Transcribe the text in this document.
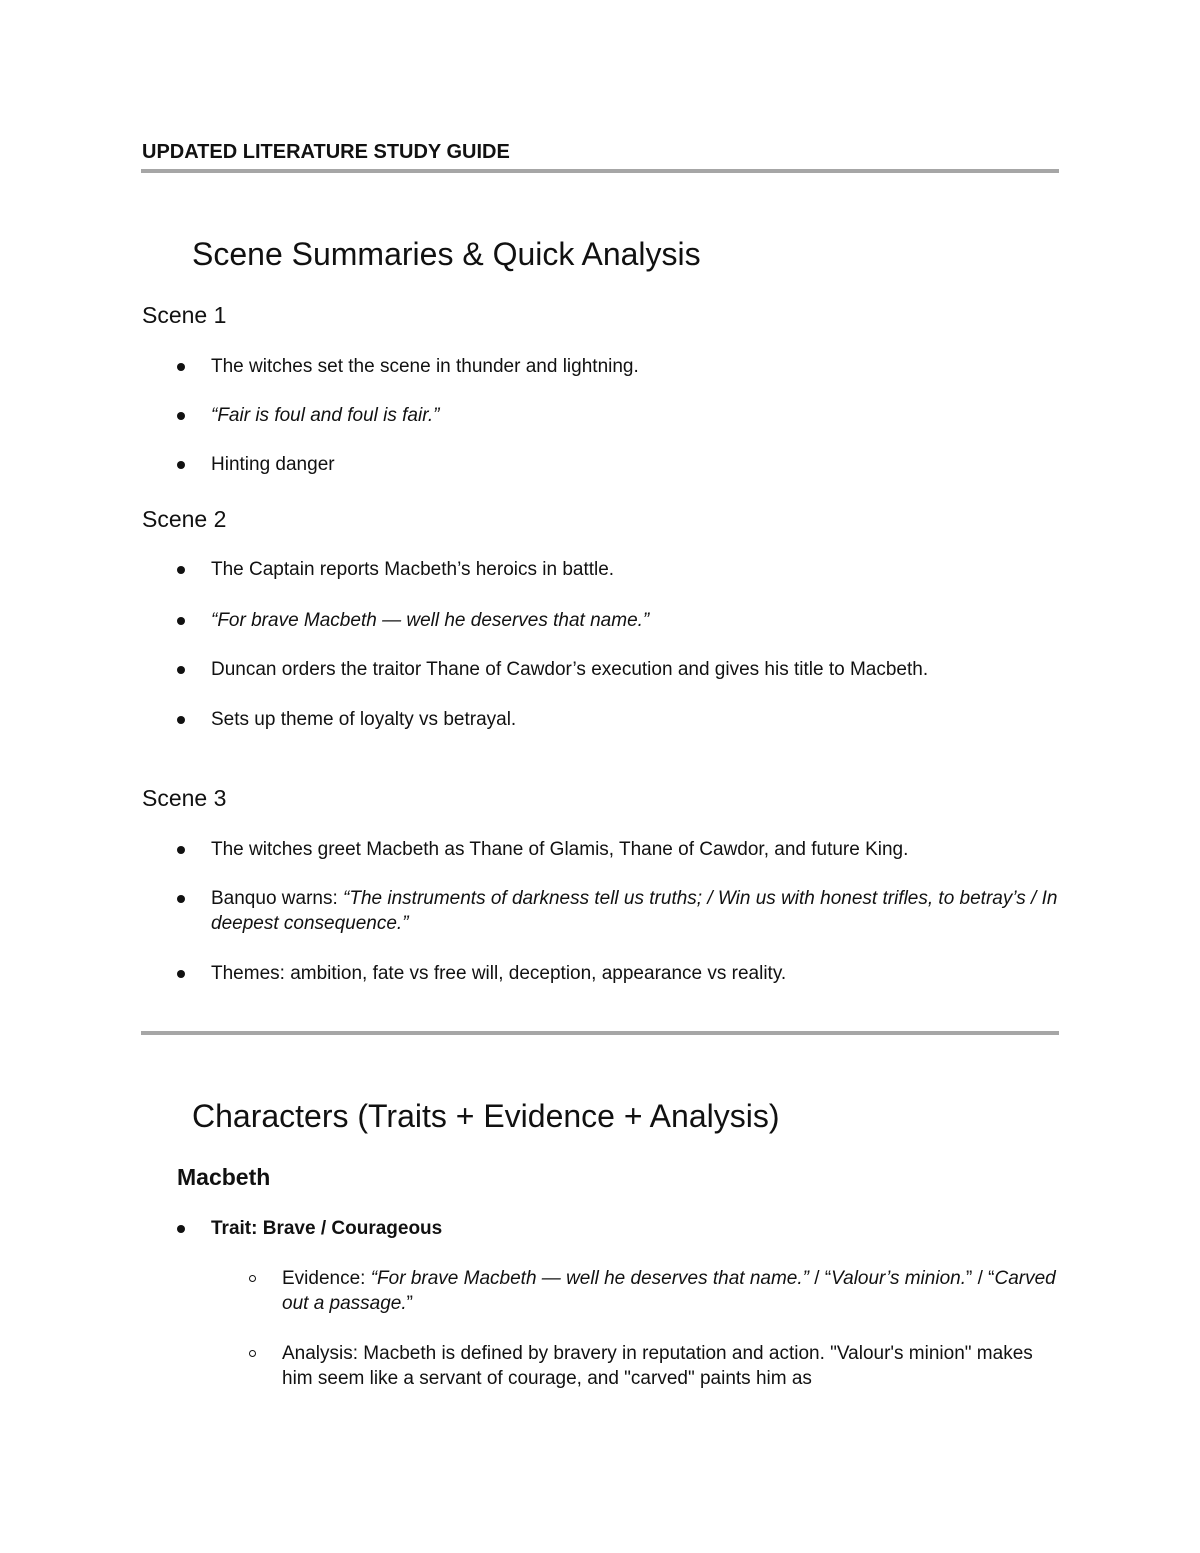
UPDATED LITERATURE STUDY GUIDE
Scene Summaries & Quick Analysis
Scene 1
The witches set the scene in thunder and lightning.
“Fair is foul and foul is fair.”
Hinting danger
Scene 2
The Captain reports Macbeth’s heroics in battle.
“For brave Macbeth — well he deserves that name.”
Duncan orders the traitor Thane of Cawdor’s execution and gives his title to Macbeth.
Sets up theme of loyalty vs betrayal.
Scene 3
The witches greet Macbeth as Thane of Glamis, Thane of Cawdor, and future King.
Banquo warns: “The instruments of darkness tell us truths; / Win us with honest trifles, to betray’s / In deepest consequence.”
Themes: ambition, fate vs free will, deception, appearance vs reality.
Characters (Traits + Evidence + Analysis)
Macbeth
Trait: Brave / Courageous
Evidence: “For brave Macbeth — well he deserves that name.” / “Valour’s minion.” / “Carved out a passage.”
Analysis: Macbeth is defined by bravery in reputation and action. "Valour's minion" makes him seem like a servant of courage, and "carved" paints him as
